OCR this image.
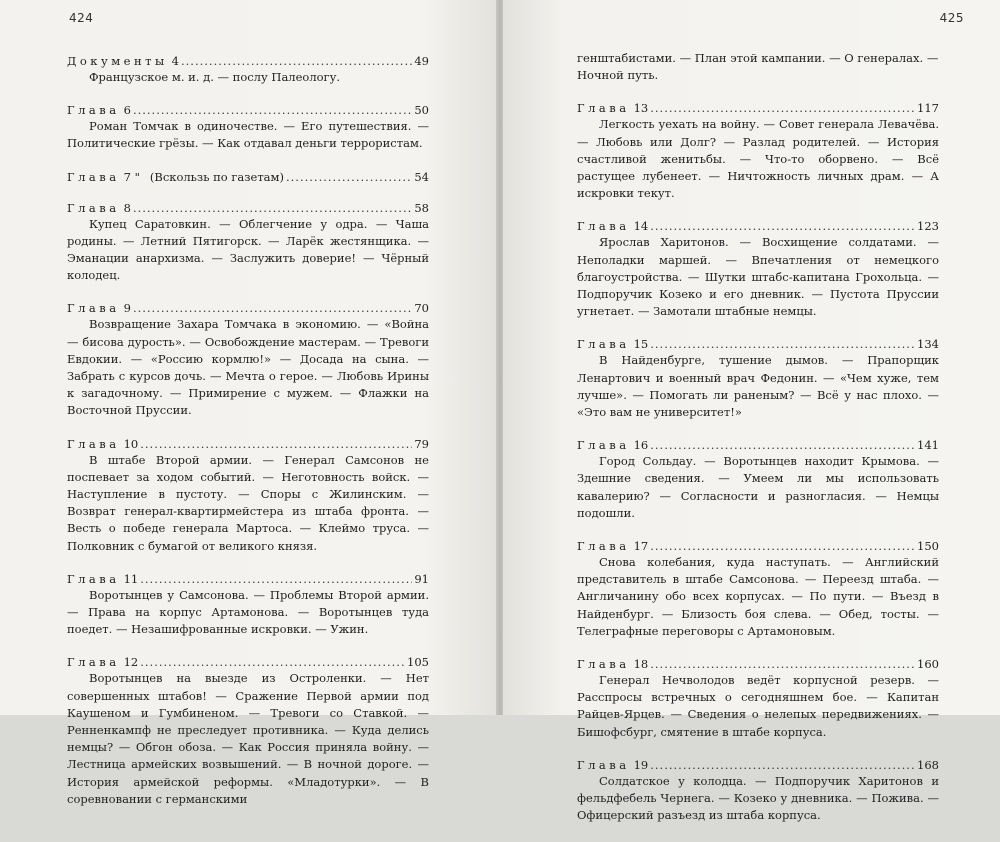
424
Документы 4 .....	49

Французское м. и. д. — послу Палеологу.

Глава 6 .....	50

Роман Томчак в одиночестве. — Его путешествия. — Политические грёзы. — Как отдавал деньги террористам.

Глава 7 " (Вскользь по газетам) .....	54
Глава 8 .....	58

Купец Саратовкин. — Облегчение у одра. — Чаша родины. — Летний Пятигорск. — Ларёк жестянщика. — Эманации анархизма. — Заслужить доверие! — Чёрный колодец.

Глава 9 .....	70

Возвращение Захара Томчака в экономию. — «Война — бисова дурость». — Освобождение мастерам. — Тревоги Евдокии. — «Россию кормлю!» — Досада на сына. — Забрать с курсов дочь. — Мечта о герое. — Любовь Ирины к загадочному. — Примирение с мужем. — Флажки на Восточной Пруссии.

Глава 10 .....	79

В штабе Второй армии. — Генерал Самсонов не поспевает за ходом событий. — Неготовность войск. — Наступление в пустоту. — Споры с Жилинским. — Возврат генерал-квартирмейстера из штаба фронта. — Весть о победе генерала Мартоса. — Клеймо труса. — Полковник с бумагой от великого князя.

Глава 11 .....	91

Воротынцев у Самсонова. — Проблемы Второй армии. — Права на корпус Артамонова. — Воротынцев туда поедет. — Незашифрованные искровки. — Ужин.

Глава 12 .....	105

Воротынцев на выезде из Остроленки. — Нет совершенных штабов! — Сражение Первой армии под Каушеном и Гумбиненом. — Тревоги со Ставкой. — Ренненкампф не преследует противника. — Куда делись немцы? — Обгон обоза. — Как Россия приняла войну. — Лестница армейских возвышений. — В ночной дороге. — История армейской реформы. «Младотурки». — В соревновании с германскими

425

генштабистами. — План этой кампании. — О генералах. — Ночной путь.

Глава 13 .....	117

Легкость уехать на войну. — Совет генерала Левачёва. — Любовь или Долг? — Разлад родителей. — История счастливой женитьбы. — Что-то оборвено. — Всё растущее лубенеет. — Ничтожность личных драм. — А искровки текут.

Глава 14 .....	123

Ярослав Харитонов. — Восхищение солдатами. — Неполадки маршей. — Впечатления от немецкого благоустройства. — Шутки штабс-капитана Грохольца. — Подпоручик Козеко и его дневник. — Пустота Пруссии угнетает. — Замотали штабные немцы.

Глава 15 .....	134

В Найденбурге, тушение дымов. — Прапорщик Ленартович и военный врач Федонин. — «Чем хуже, тем лучше». — Помогать ли раненым? — Всё у нас плохо. — «Это вам не университет!»

Глава 16 .....	141

Город Сольдау. — Воротынцев находит Крымова. — Здешние сведения. — Умеем ли мы использовать кавалерию? — Согласности и разногласия. — Немцы подошли.

Глава 17 .....	150

Снова колебания, куда наступать. — Английский представитель в штабе Самсонова. — Переезд штаба. — Англичанину обо всех корпусах. — По пути. — Въезд в Найденбург. — Близость боя слева. — Обед, тосты. — Телеграфные переговоры с Артамоновым.

Глава 18 .....	160

Генерал Нечволодов ведёт корпусной резерв. — Расспросы встречных о сегодняшнем бое. — Капитан Райцев-Ярцев. — Сведения о нелепых передвижениях. — Бишофсбург, смятение в штабе корпуса.

Глава 19 .....	168

Солдатское у колодца. — Подпоручик Харитонов и фельдфебель Чернега. — Козеко у дневника. — Пожива. — Офицерский разъезд из штаба корпуса.
